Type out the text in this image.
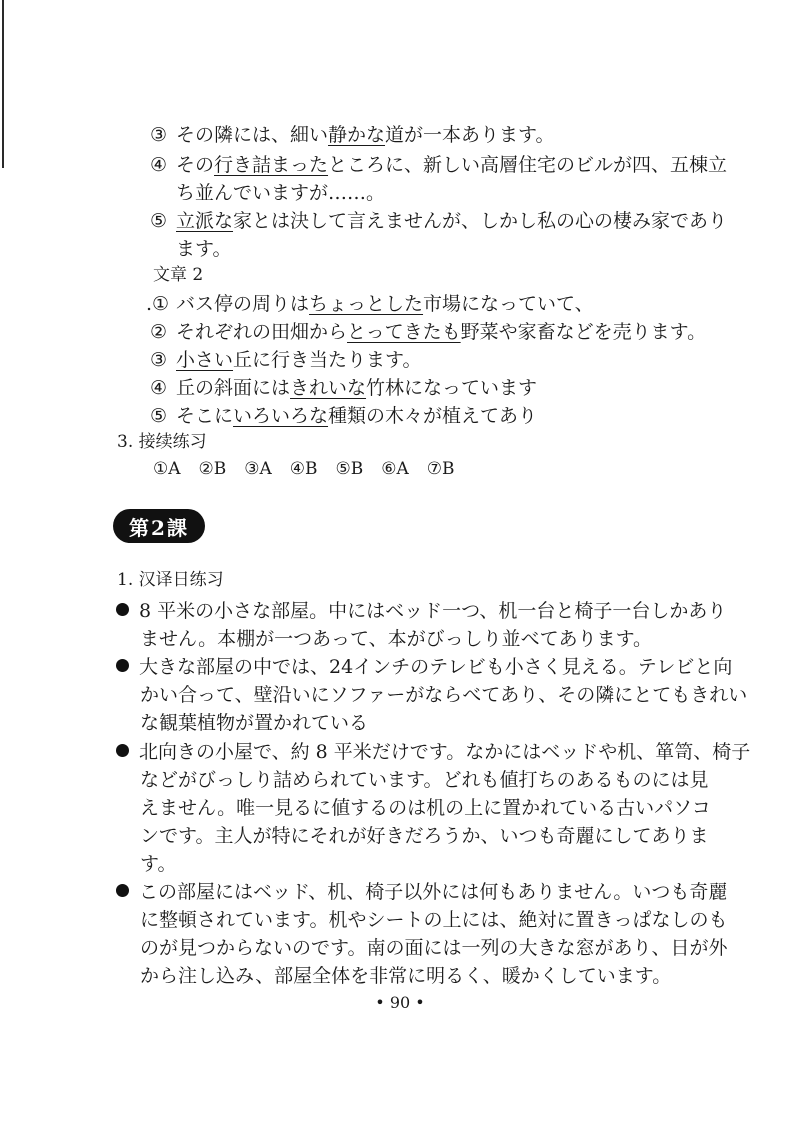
③ その隣には、細い静かな道が一本あります。
④ その行き詰まったところに、新しい高層住宅のビルが四、五棟立
ち並んでいますが……。
⑤ 立派な家とは決して言えませんが、しかし私の心の棲み家であり
ます。
文章 2
.① バス停の周りはちょっとした市場になっていて、
② それぞれの田畑からとってきたも野菜や家畜などを売ります。
③ 小さい丘に行き当たります。
④ 丘の斜面にはきれいな竹林になっています
⑤ そこにいろいろな種類の木々が植えてあり
3. 接续练习
①A ②B ③A ④B ⑤B ⑥A ⑦B
第2課
1. 汉译日练习
8 平米の小さな部屋。中にはベッド一つ、机一台と椅子一台しかあり
ません。本棚が一つあって、本がびっしり並べてあります。
大きな部屋の中では、24インチのテレビも小さく見える。テレビと向
かい合って、壁沿いにソファーがならべてあり、その隣にとてもきれい
な観葉植物が置かれている
北向きの小屋で、約 8 平米だけです。なかにはベッドや机、箪笥、椅子
などがびっしり詰められています。どれも値打ちのあるものには見
えません。唯一見るに値するのは机の上に置かれている古いパソコ
ンです。主人が特にそれが好きだろうか、いつも奇麗にしてありま
す。
この部屋にはベッド、机、椅子以外には何もありません。いつも奇麗
に整頓されています。机やシートの上には、絶対に置きっぱなしのも
のが見つからないのです。南の面には一列の大きな窓があり、日が外
から注し込み、部屋全体を非常に明るく、暖かくしています。
• 90 •
